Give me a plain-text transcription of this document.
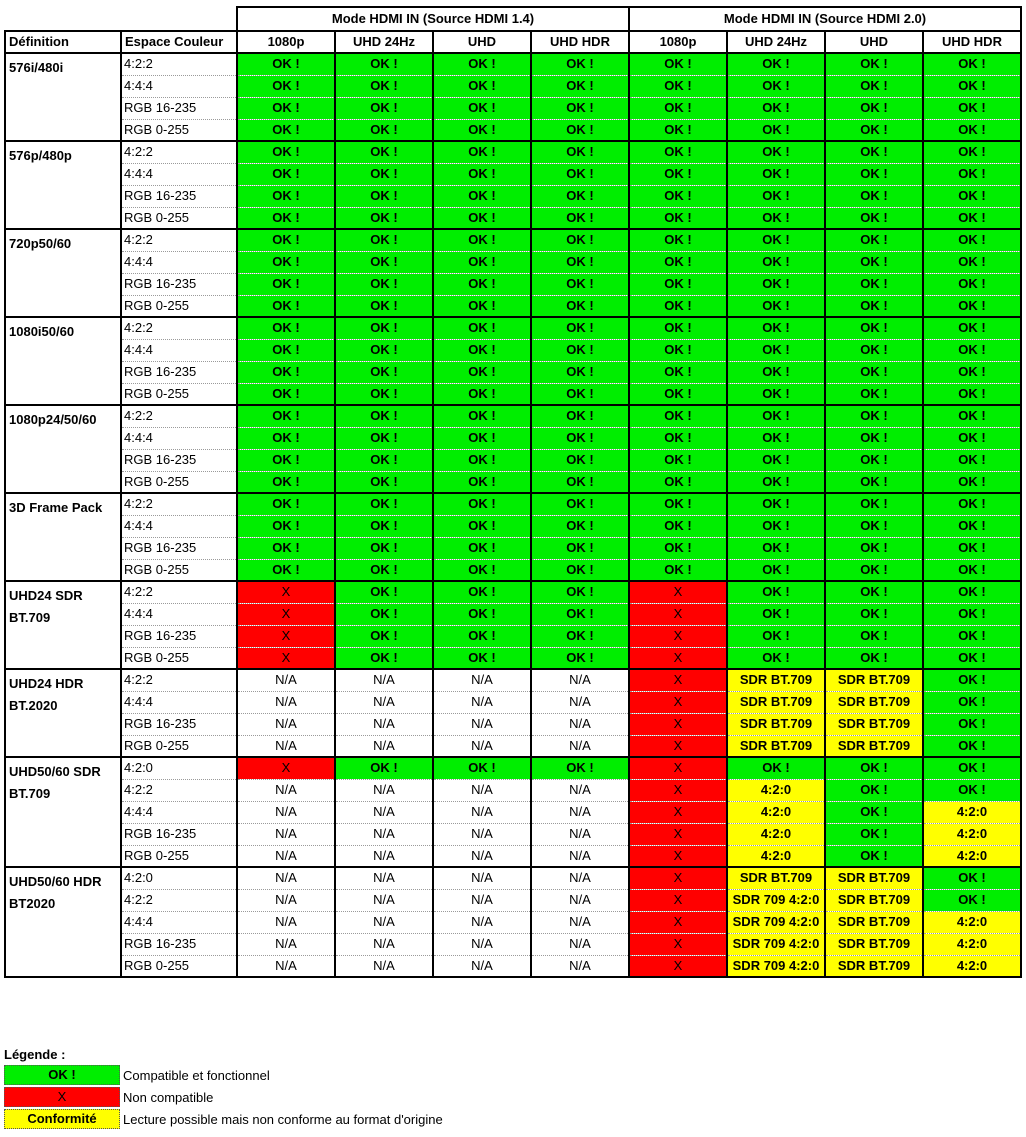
		Mode HDMI IN (Source HDMI 1.4)				Mode HDMI IN (Source HDMI 2.0)			
Définition	Espace Couleur	1080p	UHD 24Hz	UHD	UHD HDR	1080p	UHD 24Hz	UHD	UHD HDR
576i/480i	4:2:2	OK !	OK !	OK !	OK !	OK !	OK !	OK !	OK !
	4:4:4	OK !	OK !	OK !	OK !	OK !	OK !	OK !	OK !
	RGB 16-235	OK !	OK !	OK !	OK !	OK !	OK !	OK !	OK !
	RGB 0-255	OK !	OK !	OK !	OK !	OK !	OK !	OK !	OK !
576p/480p	4:2:2	OK !	OK !	OK !	OK !	OK !	OK !	OK !	OK !
	4:4:4	OK !	OK !	OK !	OK !	OK !	OK !	OK !	OK !
	RGB 16-235	OK !	OK !	OK !	OK !	OK !	OK !	OK !	OK !
	RGB 0-255	OK !	OK !	OK !	OK !	OK !	OK !	OK !	OK !
720p50/60	4:2:2	OK !	OK !	OK !	OK !	OK !	OK !	OK !	OK !
	4:4:4	OK !	OK !	OK !	OK !	OK !	OK !	OK !	OK !
	RGB 16-235	OK !	OK !	OK !	OK !	OK !	OK !	OK !	OK !
	RGB 0-255	OK !	OK !	OK !	OK !	OK !	OK !	OK !	OK !
1080i50/60	4:2:2	OK !	OK !	OK !	OK !	OK !	OK !	OK !	OK !
	4:4:4	OK !	OK !	OK !	OK !	OK !	OK !	OK !	OK !
	RGB 16-235	OK !	OK !	OK !	OK !	OK !	OK !	OK !	OK !
	RGB 0-255	OK !	OK !	OK !	OK !	OK !	OK !	OK !	OK !
1080p24/50/60	4:2:2	OK !	OK !	OK !	OK !	OK !	OK !	OK !	OK !
	4:4:4	OK !	OK !	OK !	OK !	OK !	OK !	OK !	OK !
	RGB 16-235	OK !	OK !	OK !	OK !	OK !	OK !	OK !	OK !
	RGB 0-255	OK !	OK !	OK !	OK !	OK !	OK !	OK !	OK !
3D Frame Pack	4:2:2	OK !	OK !	OK !	OK !	OK !	OK !	OK !	OK !
	4:4:4	OK !	OK !	OK !	OK !	OK !	OK !	OK !	OK !
	RGB 16-235	OK !	OK !	OK !	OK !	OK !	OK !	OK !	OK !
	RGB 0-255	OK !	OK !	OK !	OK !	OK !	OK !	OK !	OK !
UHD24 SDR BT.709	4:2:2	X	OK !	OK !	OK !	X	OK !	OK !	OK !
	4:4:4	X	OK !	OK !	OK !	X	OK !	OK !	OK !
	RGB 16-235	X	OK !	OK !	OK !	X	OK !	OK !	OK !
	RGB 0-255	X	OK !	OK !	OK !	X	OK !	OK !	OK !
UHD24 HDR BT.2020	4:2:2	N/A	N/A	N/A	N/A	X	SDR BT.709	SDR BT.709	OK !
	4:4:4	N/A	N/A	N/A	N/A	X	SDR BT.709	SDR BT.709	OK !
	RGB 16-235	N/A	N/A	N/A	N/A	X	SDR BT.709	SDR BT.709	OK !
	RGB 0-255	N/A	N/A	N/A	N/A	X	SDR BT.709	SDR BT.709	OK !
UHD50/60 SDR BT.709	4:2:0	X	OK !	OK !	OK !	X	OK !	OK !	OK !
	4:2:2	N/A	N/A	N/A	N/A	X	4:2:0	OK !	OK !
	4:4:4	N/A	N/A	N/A	N/A	X	4:2:0	OK !	4:2:0
	RGB 16-235	N/A	N/A	N/A	N/A	X	4:2:0	OK !	4:2:0
	RGB 0-255	N/A	N/A	N/A	N/A	X	4:2:0	OK !	4:2:0
UHD50/60 HDR BT2020	4:2:0	N/A	N/A	N/A	N/A	X	SDR BT.709	SDR BT.709	OK !
	4:2:2	N/A	N/A	N/A	N/A	X	SDR 709 4:2:0	SDR BT.709	OK !
	4:4:4	N/A	N/A	N/A	N/A	X	SDR 709 4:2:0	SDR BT.709	4:2:0
	RGB 16-235	N/A	N/A	N/A	N/A	X	SDR 709 4:2:0	SDR BT.709	4:2:0
	RGB 0-255	N/A	N/A	N/A	N/A	X	SDR 709 4:2:0	SDR BT.709	4:2:0
Légende :
OK !	Compatible et fonctionnel
X	Non compatible
Conformité	Lecture possible mais non conforme au format d'origine
